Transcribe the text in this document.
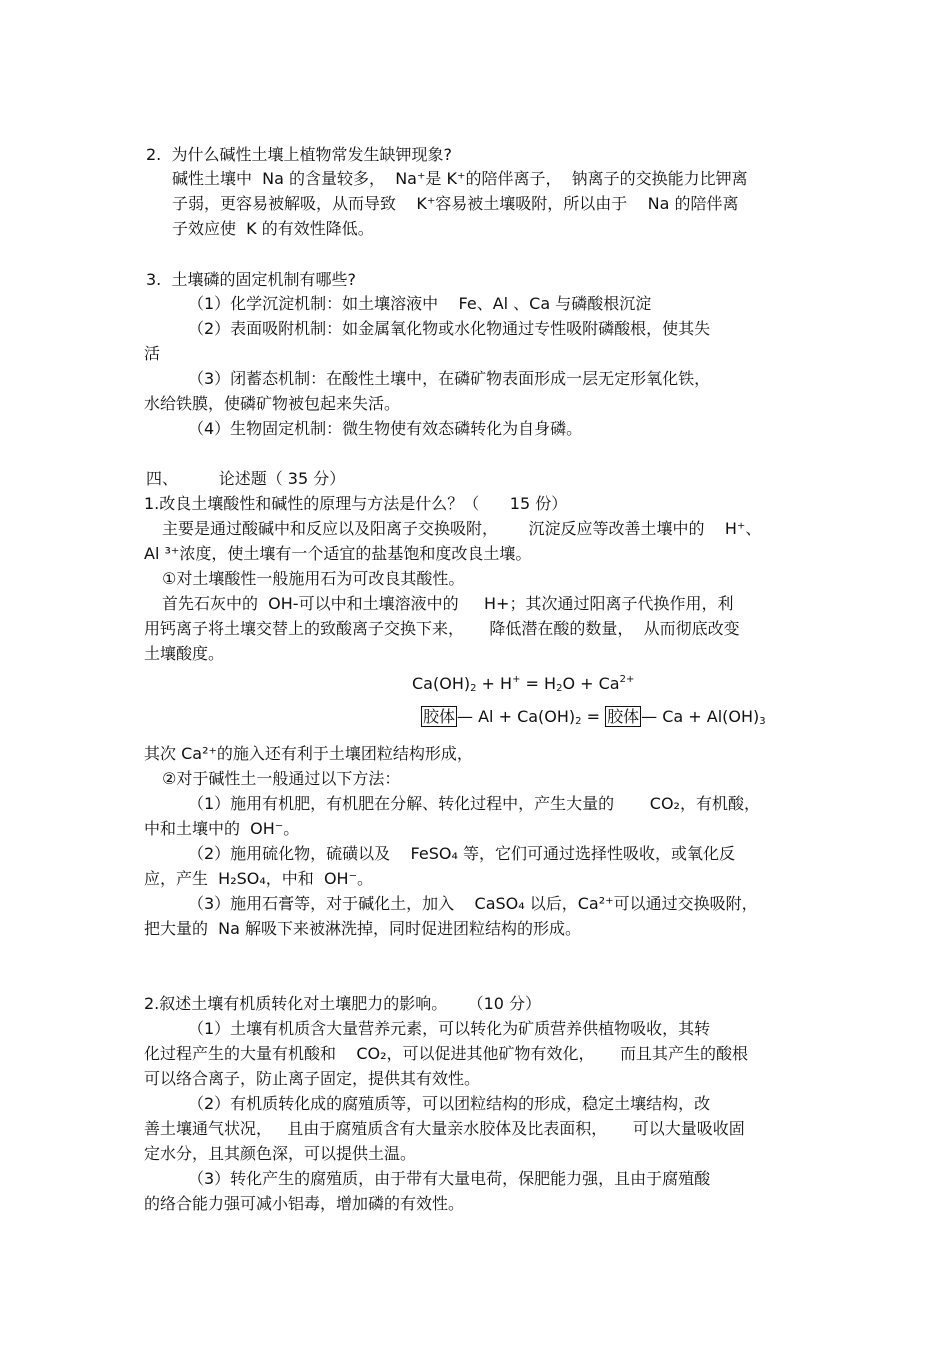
2.  为什么碱性土壤上植物常发生缺钾现象?
碱性土壤中  Na 的含量较多，  Na⁺是 K⁺的陪伴离子，  钠离子的交换能力比钾离
子弱，更容易被解吸，从而导致    K⁺容易被土壤吸附，所以由于    Na 的陪伴离
子效应使  K 的有效性降低。
3.  土壤磷的固定机制有哪些?
（1）化学沉淀机制：如土壤溶液中    Fe、Al 、Ca 与磷酸根沉淀
（2）表面吸附机制：如金属氧化物或水化物通过专性吸附磷酸根，使其失
活
（3）闭蓄态机制：在酸性土壤中，在磷矿物表面形成一层无定形氧化铁，
水给铁膜，使磷矿物被包起来失活。
（4）生物固定机制：微生物使有效态磷转化为自身磷。
四、        论述题（ 35 分）
1.改良土壤酸性和碱性的原理与方法是什么？（      15 份）
主要是通过酸碱中和反应以及阳离子交换吸附，      沉淀反应等改善土壤中的    H⁺、
Al ³⁺浓度，使土壤有一个适宜的盐基饱和度改良土壤。
①对土壤酸性一般施用石为可改良其酸性。
首先石灰中的  OH-可以中和土壤溶液中的     H+；其次通过阳离子代换作用，利
用钙离子将土壤交替上的致酸离子交换下来，     降低潜在酸的数量，  从而彻底改变
土壤酸度。
$Ca(OH)_2 + H^+ = H_2O + Ca^{2+}$
胶体 — $Al + Ca(OH)_2$ = 胶体 — $Ca + Al(OH)_3$
其次 Ca²⁺的施入还有利于土壤团粒结构形成，
②对于碱性土一般通过以下方法：
（1）施用有机肥，有机肥在分解、转化过程中，产生大量的       CO₂，有机酸，
中和土壤中的  OH⁻。
（2）施用硫化物，硫磺以及    FeSO₄ 等，它们可通过选择性吸收，或氧化反
应，产生  H₂SO₄，中和  OH⁻。
（3）施用石膏等，对于碱化土，加入    CaSO₄ 以后，Ca²⁺可以通过交换吸附，
把大量的  Na 解吸下来被淋洗掉，同时促进团粒结构的形成。
2.叙述土壤有机质转化对土壤肥力的影响。    （10 分）
（1）土壤有机质含大量营养元素，可以转化为矿质营养供植物吸收，其转
化过程产生的大量有机酸和    CO₂，可以促进其他矿物有效化，     而且其产生的酸根
可以络合离子，防止离子固定，提供其有效性。
（2）有机质转化成的腐殖质等，可以团粒结构的形成，稳定土壤结构，改
善土壤通气状况，   且由于腐殖质含有大量亲水胶体及比表面积，     可以大量吸收固
定水分，且其颜色深，可以提供土温。
（3）转化产生的腐殖质，由于带有大量电荷，保肥能力强，且由于腐殖酸
的络合能力强可减小铝毒，增加磷的有效性。
